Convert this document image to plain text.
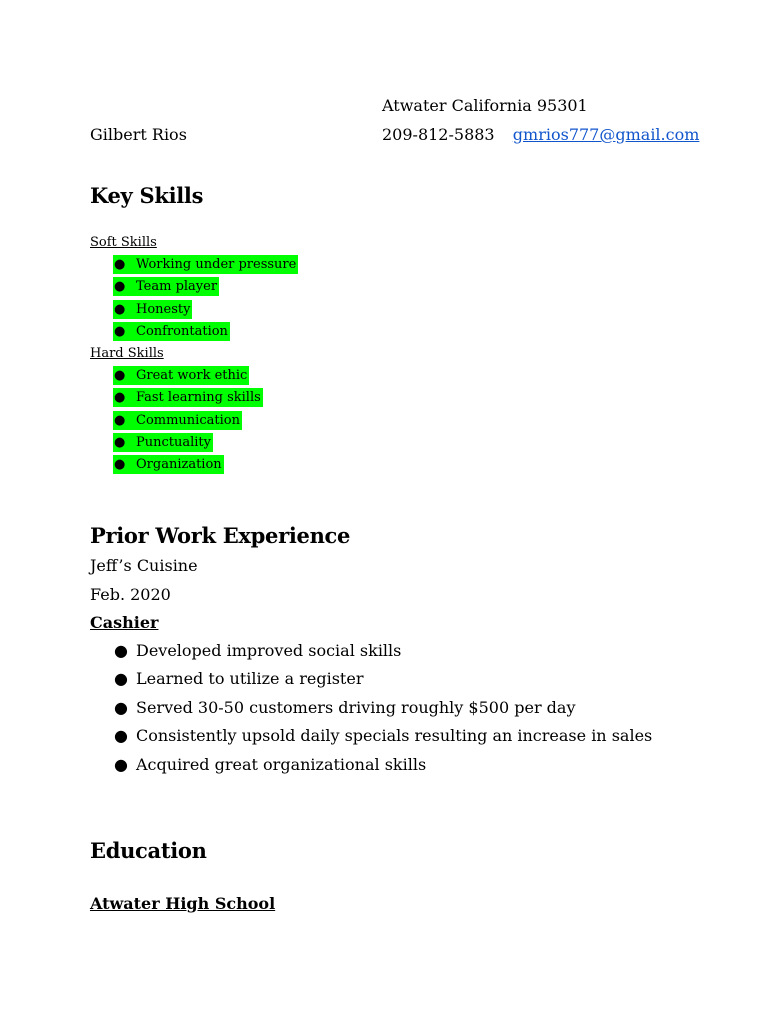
Atwater California 95301
Gilbert Rios	209-812-5883 gmrios777@gmail.com
Key Skills
Soft Skills
● Working under pressure
● Team player
● Honesty
● Confrontation
Hard Skills
● Great work ethic
● Fast learning skills
● Communication
● Punctuality
● Organization
Prior Work Experience
Jeff’s Cuisine
Feb. 2020
Cashier
● Developed improved social skills
● Learned to utilize a register
● Served 30-50 customers driving roughly $500 per day
● Consistently upsold daily specials resulting an increase in sales
● Acquired great organizational skills
Education
Atwater High School
